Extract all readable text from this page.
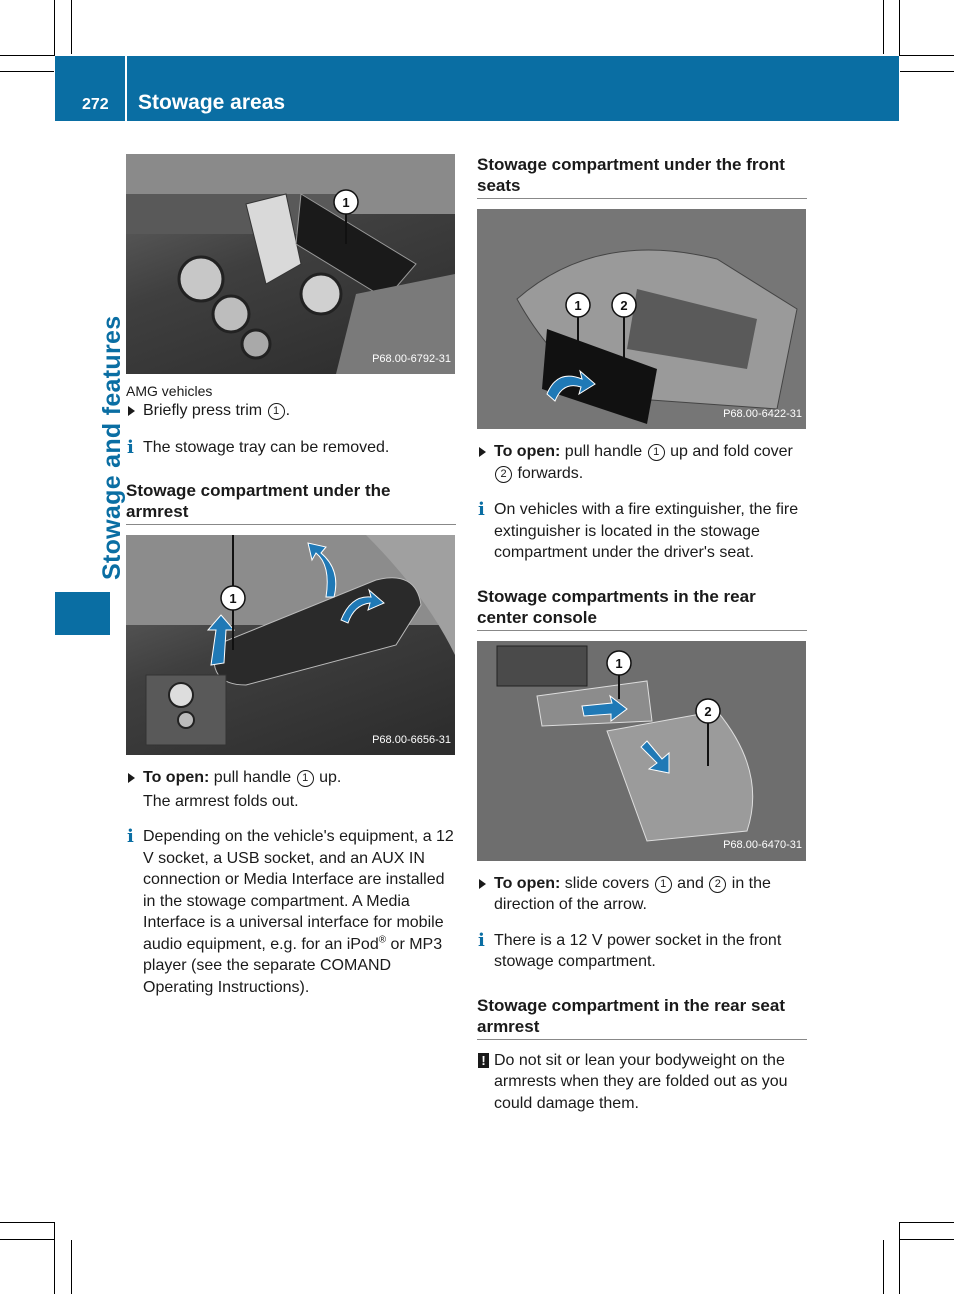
272 Stowage areas
Stowage and features
1
P68.00-6792-31
AMG vehicles
Briefly press trim 1 .
i The stowage tray can be removed.
Stowage compartment under the armrest
1
P68.00-6656-31
To open: pull handle 1 up.
The armrest folds out.
i Depending on the vehicle's equipment, a 12 V socket, a USB socket, and an AUX IN connection or Media Interface are installed in the stowage compartment. A Media Interface is a universal interface for mobile audio equipment, e.g. for an iPod® or MP3 player (see the separate COMAND Operating Instructions).
Stowage compartment under the front seats
1	2
P68.00-6422-31
To open: pull handle 1 up and fold cover 2 forwards.
i On vehicles with a fire extinguisher, the fire extinguisher is located in the stowage compartment under the driver's seat.
Stowage compartments in the rear center console
1
2
P68.00-6470-31
To open: slide covers 1 and 2 in the direction of the arrow.
i There is a 12 V power socket in the front stowage compartment.
Stowage compartment in the rear seat armrest
! Do not sit or lean your bodyweight on the armrests when they are folded out as you could damage them.
